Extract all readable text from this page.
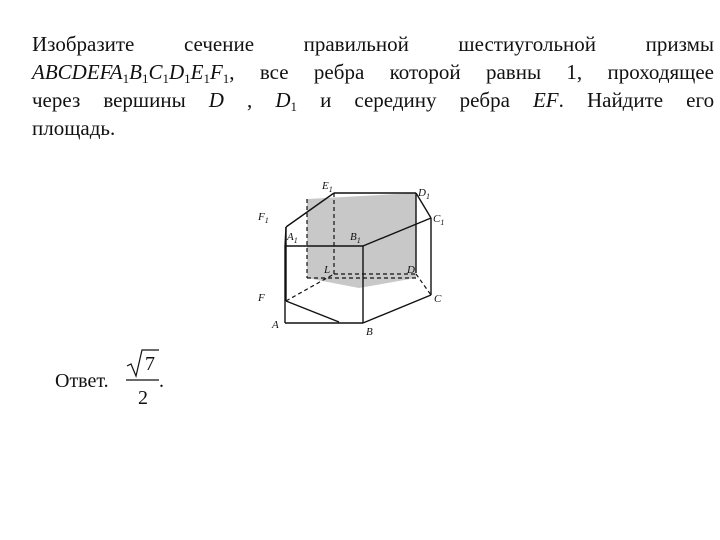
Изобразите сечение правильной шестиугольной призмы
$ABCDEFA_1B_1C_1D_1E_1F_1$, все ребра которой равны 1, проходящее
через вершины D , $D_1$ и середину ребра EF. Найдите его
площадь.
$E_1$	$D_1$
$F_1$	$C_1$
$A_1$	$B_1$
L	D
F	C
A
B
Ответ.
7
2
.
